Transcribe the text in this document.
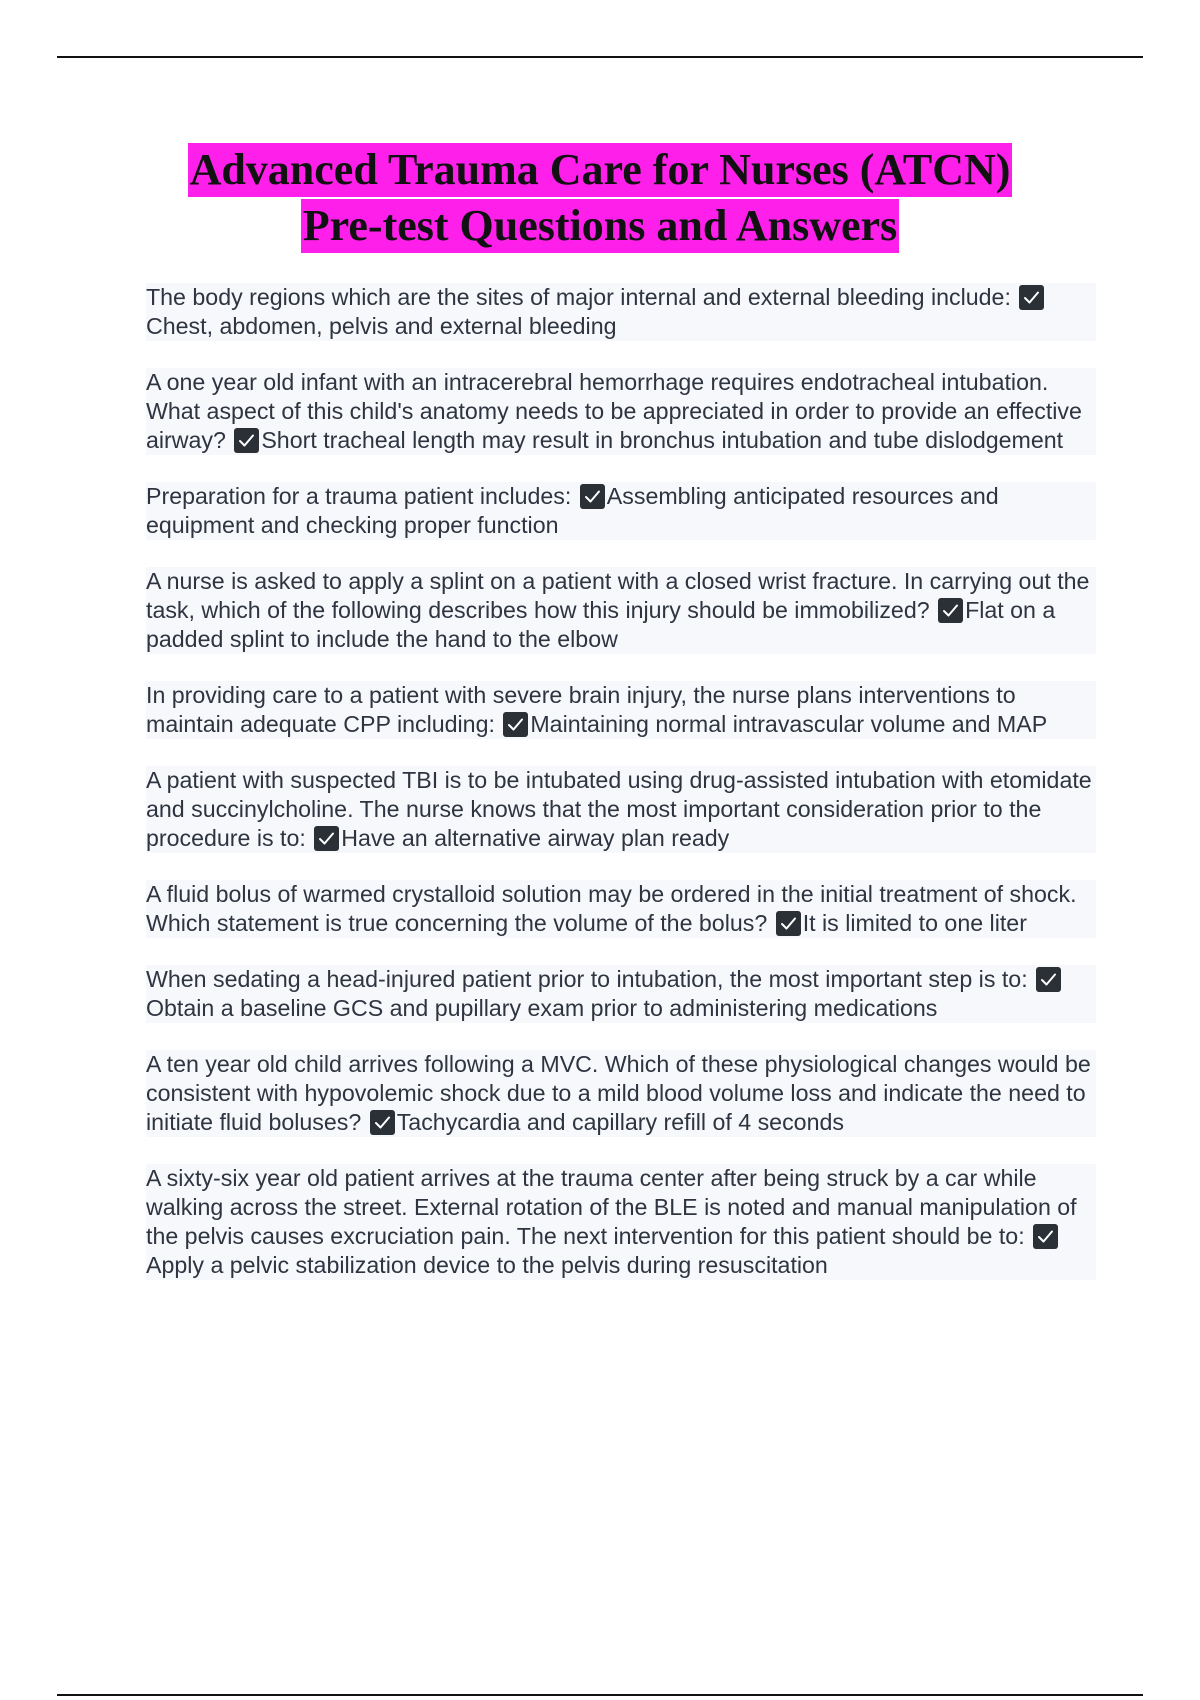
Advanced Trauma Care for Nurses (ATCN)
Pre-test Questions and Answers

The body regions which are the sites of major internal and external bleeding include:
Chest, abdomen, pelvis and external bleeding

A one year old infant with an intracerebral hemorrhage requires endotracheal intubation. What aspect of this child's anatomy needs to be appreciated in order to provide an effective airway?
Short tracheal length may result in bronchus intubation and tube dislodgement

Preparation for a trauma patient includes:
Assembling anticipated resources and equipment and checking proper function

A nurse is asked to apply a splint on a patient with a closed wrist fracture. In carrying out the task, which of the following describes how this injury should be immobilized?
Flat on a padded splint to include the hand to the elbow

In providing care to a patient with severe brain injury, the nurse plans interventions to maintain adequate CPP including:
Maintaining normal intravascular volume and MAP

A patient with suspected TBI is to be intubated using drug-assisted intubation with etomidate and succinylcholine. The nurse knows that the most important consideration prior to the procedure is to:
Have an alternative airway plan ready

A fluid bolus of warmed crystalloid solution may be ordered in the initial treatment of shock. Which statement is true concerning the volume of the bolus?
It is limited to one liter

When sedating a head-injured patient prior to intubation, the most important step is to:
Obtain a baseline GCS and pupillary exam prior to administering medications

A ten year old child arrives following a MVC. Which of these physiological changes would be consistent with hypovolemic shock due to a mild blood volume loss and indicate the need to initiate fluid boluses?
Tachycardia and capillary refill of 4 seconds

A sixty-six year old patient arrives at the trauma center after being struck by a car while walking across the street. External rotation of the BLE is noted and manual manipulation of the pelvis causes excruciation pain. The next intervention for this patient should be to:
Apply a pelvic stabilization device to the pelvis during resuscitation
